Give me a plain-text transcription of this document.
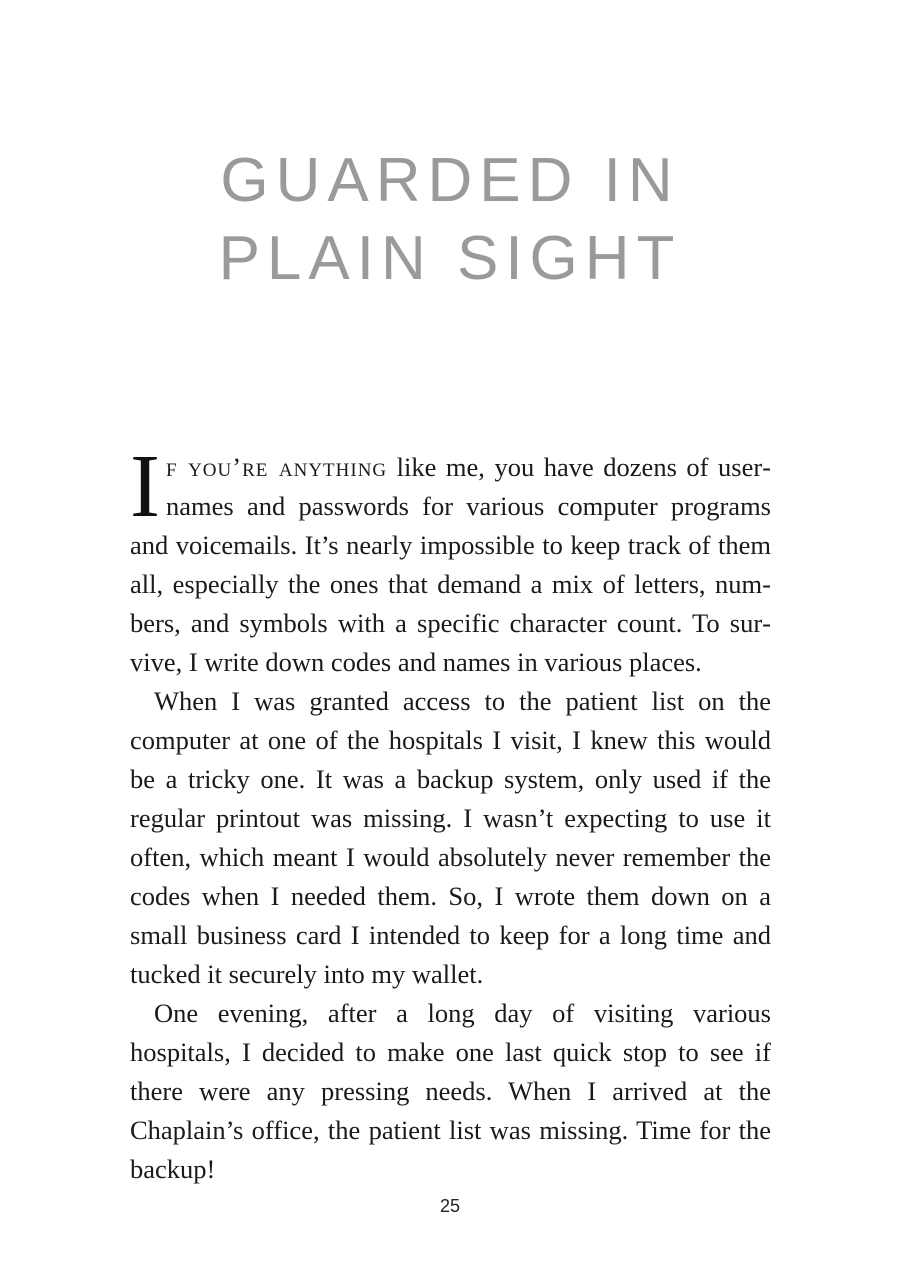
GUARDED IN
PLAIN SIGHT

If you’re anything like me, you have dozens of usernames and passwords for various computer programs and voicemails. It’s nearly impossible to keep track of them all, especially the ones that demand a mix of letters, numbers, and symbols with a specific character count. To survive, I write down codes and names in various places.

When I was granted access to the patient list on the computer at one of the hospitals I visit, I knew this would be a tricky one. It was a backup system, only used if the regular printout was missing. I wasn’t expecting to use it often, which meant I would absolutely never remember the codes when I needed them. So, I wrote them down on a small business card I intended to keep for a long time and tucked it securely into my wallet.

One evening, after a long day of visiting various hospitals, I decided to make one last quick stop to see if there were any pressing needs. When I arrived at the Chaplain’s office, the patient list was missing. Time for the backup!

25
